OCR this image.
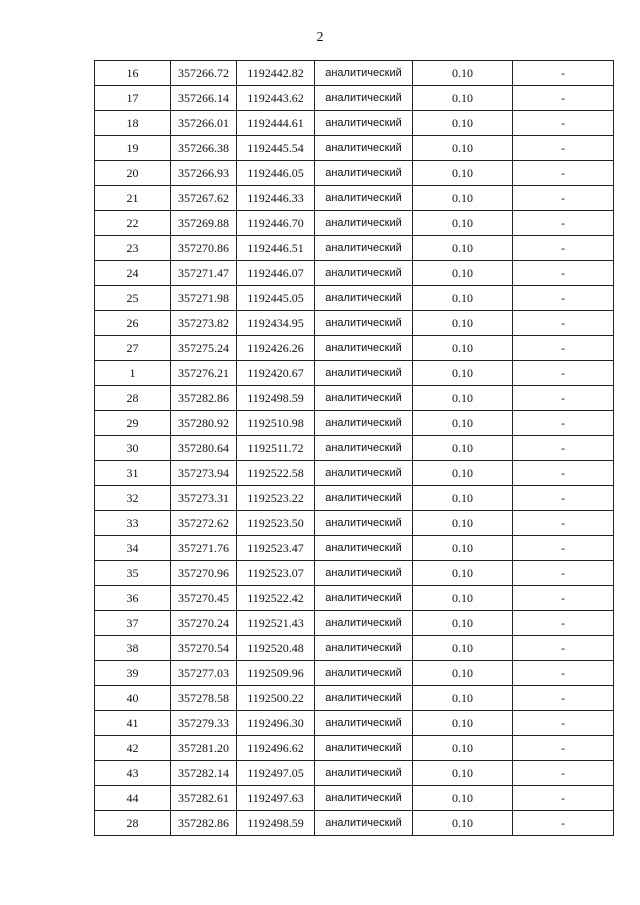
2
16	357266.72	1192442.82	аналитический	0.10	-
17	357266.14	1192443.62	аналитический	0.10	-
18	357266.01	1192444.61	аналитический	0.10	-
19	357266.38	1192445.54	аналитический	0.10	-
20	357266.93	1192446.05	аналитический	0.10	-
21	357267.62	1192446.33	аналитический	0.10	-
22	357269.88	1192446.70	аналитический	0.10	-
23	357270.86	1192446.51	аналитический	0.10	-
24	357271.47	1192446.07	аналитический	0.10	-
25	357271.98	1192445.05	аналитический	0.10	-
26	357273.82	1192434.95	аналитический	0.10	-
27	357275.24	1192426.26	аналитический	0.10	-
1	357276.21	1192420.67	аналитический	0.10	-
28	357282.86	1192498.59	аналитический	0.10	-
29	357280.92	1192510.98	аналитический	0.10	-
30	357280.64	1192511.72	аналитический	0.10	-
31	357273.94	1192522.58	аналитический	0.10	-
32	357273.31	1192523.22	аналитический	0.10	-
33	357272.62	1192523.50	аналитический	0.10	-
34	357271.76	1192523.47	аналитический	0.10	-
35	357270.96	1192523.07	аналитический	0.10	-
36	357270.45	1192522.42	аналитический	0.10	-
37	357270.24	1192521.43	аналитический	0.10	-
38	357270.54	1192520.48	аналитический	0.10	-
39	357277.03	1192509.96	аналитический	0.10	-
40	357278.58	1192500.22	аналитический	0.10	-
41	357279.33	1192496.30	аналитический	0.10	-
42	357281.20	1192496.62	аналитический	0.10	-
43	357282.14	1192497.05	аналитический	0.10	-
44	357282.61	1192497.63	аналитический	0.10	-
28	357282.86	1192498.59	аналитический	0.10	-
